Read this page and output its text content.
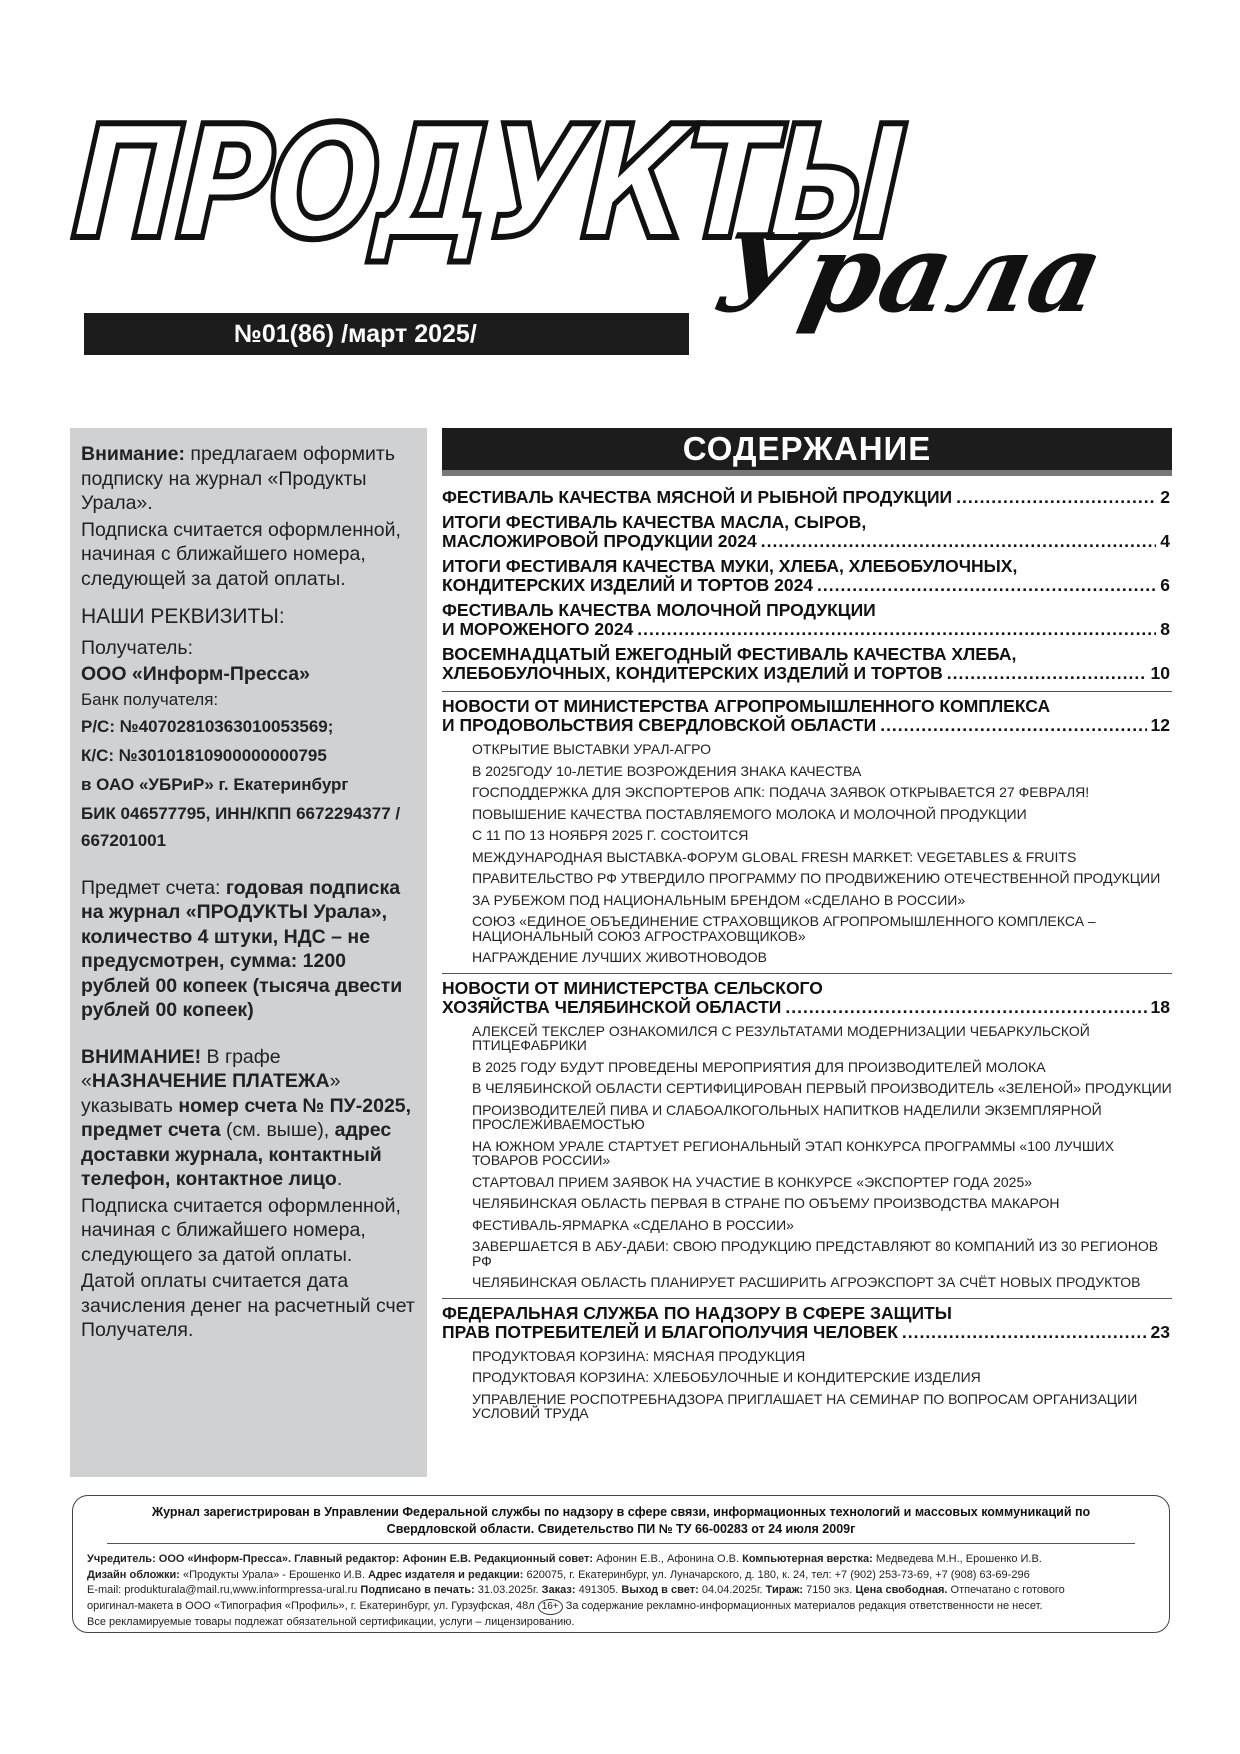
ПРОДУКТЫ
Урала
№01(86) /март 2025/

Внимание: предлагаем оформить подписку на журнал «Продукты Урала».

Подписка считается оформленной, начиная с ближайшего номера, следующей за датой оплаты.

НАШИ РЕКВИЗИТЫ:

Получатель:

ООО «Информ-Пресса»

Банк получателя:

Р/С: №40702810363010053569;

К/С: №30101810900000000795

в ОАО «УБРиР» г. Екатеринбург

БИК 046577795, ИНН/КПП 6672294377 / 667201001

Предмет счета: годовая подписка на журнал «ПРОДУКТЫ Урала», количество 4 штуки, НДС – не предусмотрен, сумма: 1200 рублей 00 копеек (тысяча двести рублей 00 копеек)

ВНИМАНИЕ! В графе «НАЗНАЧЕНИЕ ПЛАТЕЖА» указывать номер счета № ПУ-2025, предмет счета (см. выше), адрес доставки журнала, контактный телефон, контактное лицо.

Подписка считается оформленной, начиная с ближайшего номера, следующего за датой оплаты.

Датой оплаты считается дата зачисления денег на расчетный счет Получателя.

СОДЕРЖАНИЕ
ФЕСТИВАЛЬ КАЧЕСТВА МЯСНОЙ И РЫБНОЙ ПРОДУКЦИИ .....	2
ИТОГИ ФЕСТИВАЛЬ КАЧЕСТВА МАСЛА, СЫРОВ,
МАСЛОЖИРОВОЙ ПРОДУКЦИИ 2024 .....	4
ИТОГИ ФЕСТИВАЛЯ КАЧЕСТВА МУКИ, ХЛЕБА, ХЛЕБОБУЛОЧНЫХ,
КОНДИТЕРСКИХ ИЗДЕЛИЙ И ТОРТОВ 2024 .....	6
ФЕСТИВАЛЬ КАЧЕСТВА МОЛОЧНОЙ ПРОДУКЦИИ
И МОРОЖЕНОГО 2024 .....	8
ВОСЕМНАДЦАТЫЙ ЕЖЕГОДНЫЙ ФЕСТИВАЛЬ КАЧЕСТВА ХЛЕБА,
ХЛЕБОБУЛОЧНЫХ, КОНДИТЕРСКИХ ИЗДЕЛИЙ И ТОРТОВ .....	10
НОВОСТИ ОТ МИНИСТЕРСТВА АГРОПРОМЫШЛЕННОГО КОМПЛЕКСА
И ПРОДОВОЛЬСТВИЯ СВЕРДЛОВСКОЙ ОБЛАСТИ .....	12
ОТКРЫТИЕ ВЫСТАВКИ УРАЛ-АГРО
В 2025ГОДУ 10-ЛЕТИЕ ВОЗРОЖДЕНИЯ ЗНАКА КАЧЕСТВА
ГОСПОДДЕРЖКА ДЛЯ ЭКСПОРТЕРОВ АПК: ПОДАЧА ЗАЯВОК ОТКРЫВАЕТСЯ 27 ФЕВРАЛЯ!
ПОВЫШЕНИЕ КАЧЕСТВА ПОСТАВЛЯЕМОГО МОЛОКА И МОЛОЧНОЙ ПРОДУКЦИИ
С 11 ПО 13 НОЯБРЯ 2025 Г. СОСТОИТСЯ
МЕЖДУНАРОДНАЯ ВЫСТАВКА-ФОРУМ GLOBAL FRESH MARKET: VEGETABLES & FRUITS
ПРАВИТЕЛЬСТВО РФ УТВЕРДИЛО ПРОГРАММУ ПО ПРОДВИЖЕНИЮ ОТЕЧЕСТВЕННОЙ ПРОДУКЦИИ
ЗА РУБЕЖОМ ПОД НАЦИОНАЛЬНЫМ БРЕНДОМ «СДЕЛАНО В РОССИИ»
СОЮЗ «ЕДИНОЕ ОБЪЕДИНЕНИЕ СТРАХОВЩИКОВ АГРОПРОМЫШЛЕННОГО КОМПЛЕКСА – НАЦИОНАЛЬНЫЙ СОЮЗ АГРОСТРАХОВЩИКОВ»
НАГРАЖДЕНИЕ ЛУЧШИХ ЖИВОТНОВОДОВ
НОВОСТИ ОТ МИНИСТЕРСТВА СЕЛЬСКОГО
ХОЗЯЙСТВА ЧЕЛЯБИНСКОЙ ОБЛАСТИ .....	18
АЛЕКСЕЙ ТЕКСЛЕР ОЗНАКОМИЛСЯ С РЕЗУЛЬТАТАМИ МОДЕРНИЗАЦИИ ЧЕБАРКУЛЬСКОЙ ПТИЦЕФАБРИКИ
В 2025 ГОДУ БУДУТ ПРОВЕДЕНЫ МЕРОПРИЯТИЯ ДЛЯ ПРОИЗВОДИТЕЛЕЙ МОЛОКА
В ЧЕЛЯБИНСКОЙ ОБЛАСТИ СЕРТИФИЦИРОВАН ПЕРВЫЙ ПРОИЗВОДИТЕЛЬ «ЗЕЛЕНОЙ» ПРОДУКЦИИ
ПРОИЗВОДИТЕЛЕЙ ПИВА И СЛАБОАЛКОГОЛЬНЫХ НАПИТКОВ НАДЕЛИЛИ ЭКЗЕМПЛЯРНОЙ ПРОСЛЕЖИВАЕМОСТЬЮ
НА ЮЖНОМ УРАЛЕ СТАРТУЕТ РЕГИОНАЛЬНЫЙ ЭТАП КОНКУРСА ПРОГРАММЫ «100 ЛУЧШИХ ТОВАРОВ РОССИИ»
СТАРТОВАЛ ПРИЕМ ЗАЯВОК НА УЧАСТИЕ В КОНКУРСЕ «ЭКСПОРТЕР ГОДА 2025»
ЧЕЛЯБИНСКАЯ ОБЛАСТЬ ПЕРВАЯ В СТРАНЕ ПО ОБЪЕМУ ПРОИЗВОДСТВА МАКАРОН
ФЕСТИВАЛЬ-ЯРМАРКА «СДЕЛАНО В РОССИИ»
ЗАВЕРШАЕТСЯ В АБУ-ДАБИ: СВОЮ ПРОДУКЦИЮ ПРЕДСТАВЛЯЮТ 80 КОМПАНИЙ ИЗ 30 РЕГИОНОВ РФ
ЧЕЛЯБИНСКАЯ ОБЛАСТЬ ПЛАНИРУЕТ РАСШИРИТЬ АГРОЭКСПОРТ ЗА СЧЁТ НОВЫХ ПРОДУКТОВ
ФЕДЕРАЛЬНАЯ СЛУЖБА ПО НАДЗОРУ В СФЕРЕ ЗАЩИТЫ
ПРАВ ПОТРЕБИТЕЛЕЙ И БЛАГОПОЛУЧИЯ ЧЕЛОВЕК .....	23
ПРОДУКТОВАЯ КОРЗИНА: МЯСНАЯ ПРОДУКЦИЯ
ПРОДУКТОВАЯ КОРЗИНА: ХЛЕБОБУЛОЧНЫЕ И КОНДИТЕРСКИЕ ИЗДЕЛИЯ
УПРАВЛЕНИЕ РОСПОТРЕБНАДЗОРА ПРИГЛАШАЕТ НА СЕМИНАР ПО ВОПРОСАМ ОРГАНИЗАЦИИ УСЛОВИЙ ТРУДА
Журнал зарегистрирован в Управлении Федеральной службы по надзору в сфере связи, информационных технологий и массовых коммуникаций по Свердловской области. Свидетельство ПИ № ТУ 66-00283 от 24 июля 2009г
Учредитель: ООО «Информ-Пресса». Главный редактор: Афонин Е.В. Редакционный совет: Афонин Е.В., Афонина О.В. Компьютерная верстка: Медведева М.Н., Ерошенко И.В.
Дизайн обложки: «Продукты Урала» - Ерошенко И.В. Адрес издателя и редакции: 620075, г. Екатеринбург, ул. Луначарского, д. 180, к. 24, тел: +7 (902) 253-73-69, +7 (908) 63-69-296
E-mail: produkturala@mail.ru,www.informpressa-ural.ru Подписано в печать: 31.03.2025г. Заказ: 491305. Выход в свет: 04.04.2025г. Тираж: 7150 экз. Цена свободная. Отпечатано с готового
оригинал-макета в ООО «Типография «Профиль», г. Екатеринбург, ул. Гурзуфская, 48л 16+ За содержание рекламно-информационных материалов редакция ответственности не несет.
Все рекламируемые товары подлежат обязательной сертификации, услуги – лицензированию.
